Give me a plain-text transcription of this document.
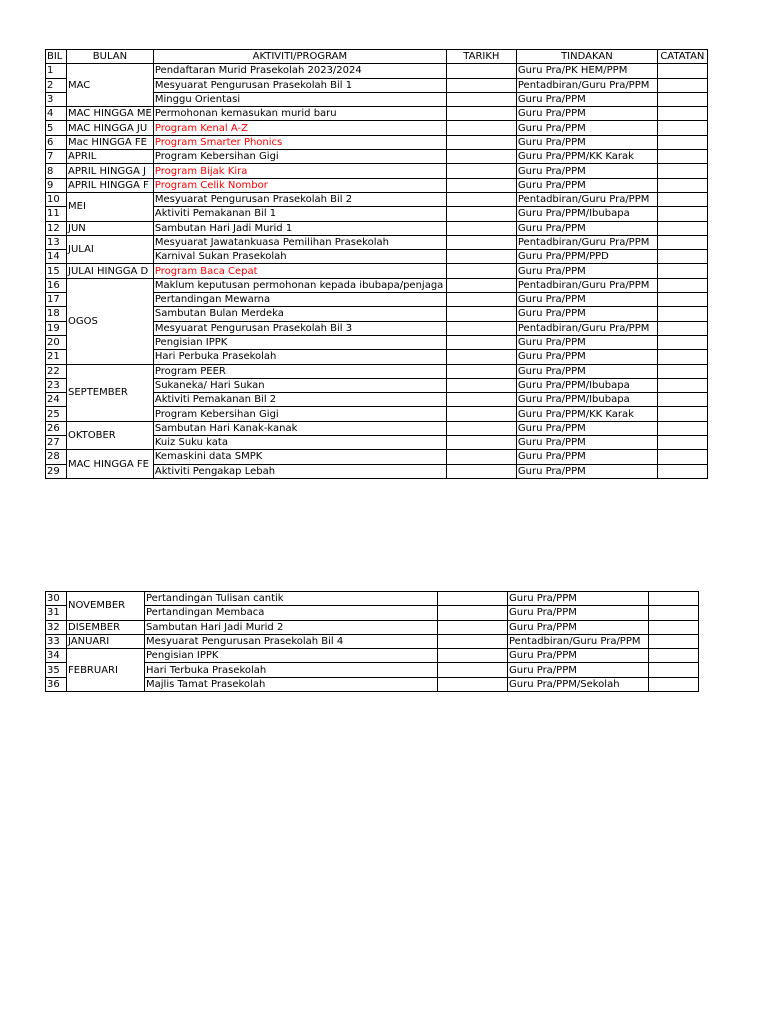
BIL	BULAN	AKTIVITI/PROGRAM	TARIKH	TINDAKAN	CATATAN
1	MAC	Pendaftaran Murid Prasekolah 2023/2024		Guru Pra/PK HEM/PPM	
2		Mesyuarat Pengurusan Prasekolah Bil 1		Pentadbiran/Guru Pra/PPM	
3		Minggu Orientasi		Guru Pra/PPM	
4	MAC HINGGA ME	Permohonan kemasukan murid baru		Guru Pra/PPM	
5	MAC HINGGA JU	Program Kenal A-Z		Guru Pra/PPM	
6	Mac HINGGA FE	Program Smarter Phonics		Guru Pra/PPM	
7	APRIL	Program Kebersihan Gigi		Guru Pra/PPM/KK Karak	
8	APRIL HINGGA J	Program Bijak Kira		Guru Pra/PPM	
9	APRIL HINGGA F	Program Celik Nombor		Guru Pra/PPM	
10	MEI	Mesyuarat Pengurusan Prasekolah Bil 2		Pentadbiran/Guru Pra/PPM	
11		Aktiviti Pemakanan Bil 1		Guru Pra/PPM/Ibubapa	
12	JUN	Sambutan Hari Jadi Murid 1		Guru Pra/PPM	
13	JULAI	Mesyuarat Jawatankuasa Pemilihan Prasekolah		Pentadbiran/Guru Pra/PPM	
14		Karnival Sukan Prasekolah		Guru Pra/PPM/PPD	
15	JULAI HINGGA D	Program Baca Cepat		Guru Pra/PPM	
16	OGOS	Maklum keputusan permohonan kepada ibubapa/penjaga		Pentadbiran/Guru Pra/PPM	
17		Pertandingan Mewarna		Guru Pra/PPM	
18		Sambutan Bulan Merdeka		Guru Pra/PPM	
19		Mesyuarat Pengurusan Prasekolah Bil 3		Pentadbiran/Guru Pra/PPM	
20		Pengisian IPPK		Guru Pra/PPM	
21		Hari Perbuka Prasekolah		Guru Pra/PPM	
22	SEPTEMBER	Program PEER		Guru Pra/PPM	
23		Sukaneka/ Hari Sukan		Guru Pra/PPM/Ibubapa	
24		Aktiviti Pemakanan Bil 2		Guru Pra/PPM/Ibubapa	
25		Program Kebersihan Gigi		Guru Pra/PPM/KK Karak	
26	OKTOBER	Sambutan Hari Kanak-kanak		Guru Pra/PPM	
27		Kuiz Suku kata		Guru Pra/PPM	
28	MAC HINGGA FE	Kemaskini data SMPK		Guru Pra/PPM	
29		Aktiviti Pengakap Lebah		Guru Pra/PPM	
30	NOVEMBER	Pertandingan Tulisan cantik		Guru Pra/PPM	
31		Pertandingan Membaca		Guru Pra/PPM	
32	DISEMBER	Sambutan Hari Jadi Murid 2		Guru Pra/PPM	
33	JANUARI	Mesyuarat Pengurusan Prasekolah Bil 4		Pentadbiran/Guru Pra/PPM	
34	FEBRUARI	Pengisian IPPK		Guru Pra/PPM	
35		Hari Terbuka Prasekolah		Guru Pra/PPM	
36		Majlis Tamat Prasekolah		Guru Pra/PPM/Sekolah	
